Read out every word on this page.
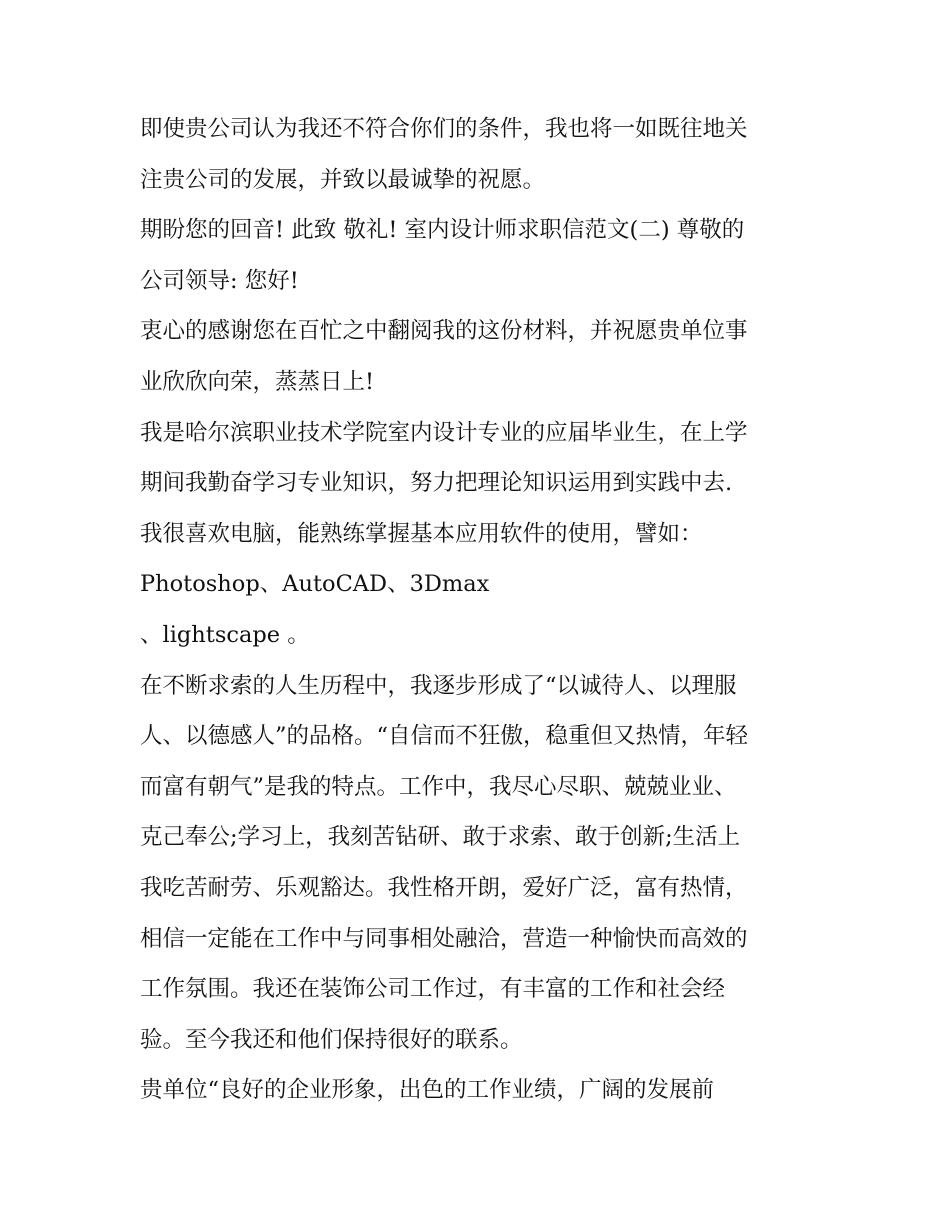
即使贵公司认为我还不符合你们的条件，我也将一如既往地关
注贵公司的发展，并致以最诚挚的祝愿。
期盼您的回音! 此致 敬礼! 室内设计师求职信范文(二) 尊敬的
公司领导: 您好!
衷心的感谢您在百忙之中翻阅我的这份材料，并祝愿贵单位事
业欣欣向荣，蒸蒸日上!
我是哈尔滨职业技术学院室内设计专业的应届毕业生，在上学
期间我勤奋学习专业知识，努力把理论知识运用到实践中去.
我很喜欢电脑，能熟练掌握基本应用软件的使用，譬如：
Photoshop、AutoCAD、3Dmax
、lightscape 。
在不断求索的人生历程中，我逐步形成了“以诚待人、以理服
人、以德感人”的品格。“自信而不狂傲，稳重但又热情，年轻
而富有朝气”是我的特点。工作中，我尽心尽职、兢兢业业、
克己奉公;学习上，我刻苦钻研、敢于求索、敢于创新;生活上
我吃苦耐劳、乐观豁达。我性格开朗，爱好广泛，富有热情，
相信一定能在工作中与同事相处融洽，营造一种愉快而高效的
工作氛围。我还在装饰公司工作过，有丰富的工作和社会经
验。至今我还和他们保持很好的联系。
贵单位“良好的企业形象，出色的工作业绩，广阔的发展前
